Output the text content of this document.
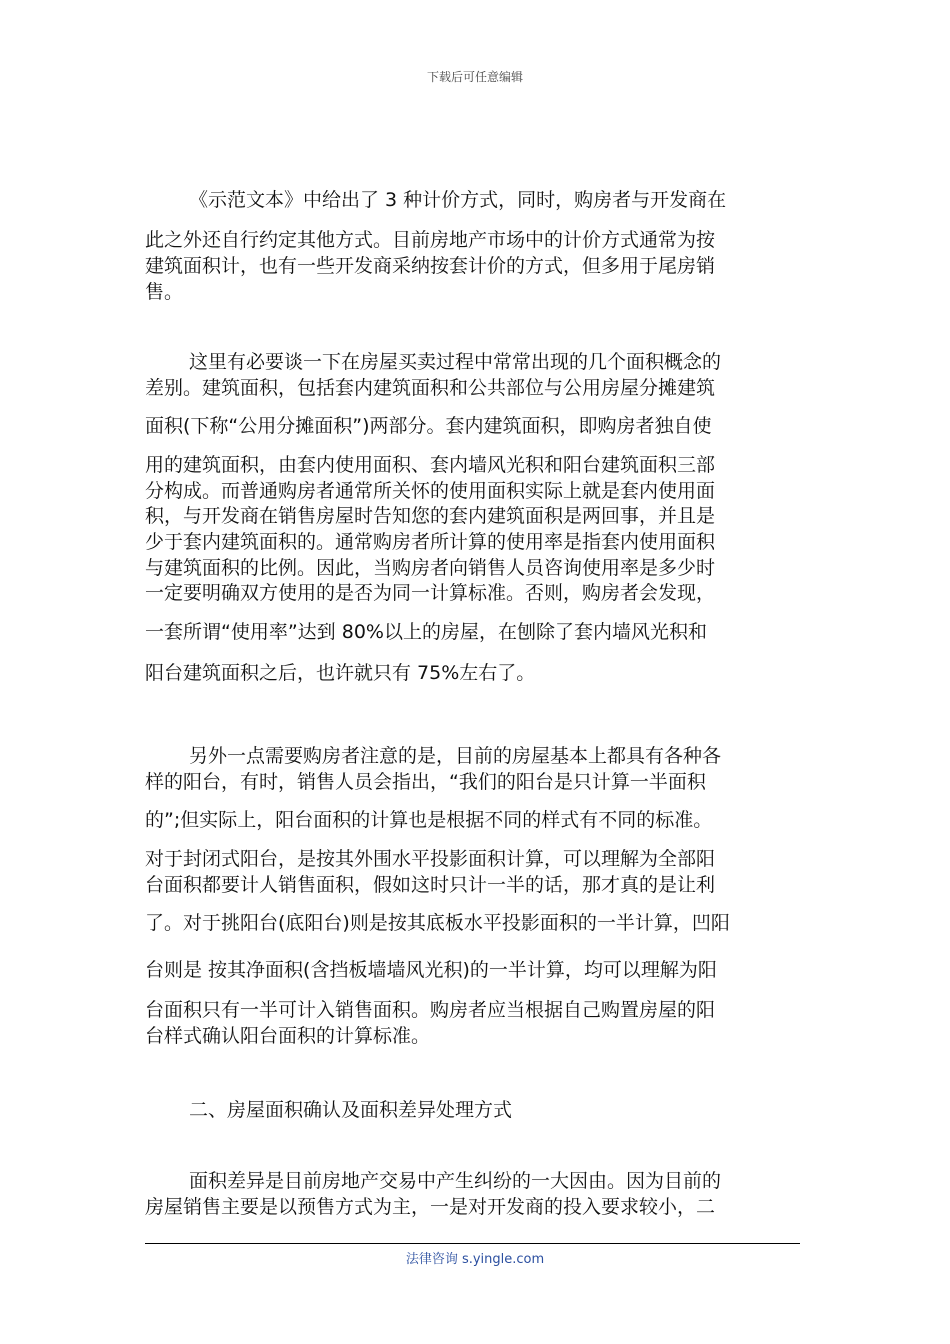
下载后可任意编辑
《示范文本》中给出了 3 种计价方式，同时，购房者与开发商在
此之外还自行约定其他方式。目前房地产市场中的计价方式通常为按
建筑面积计，也有一些开发商采纳按套计价的方式，但多用于尾房销
售。
这里有必要谈一下在房屋买卖过程中常常出现的几个面积概念的
差别。建筑面积，包括套内建筑面积和公共部位与公用房屋分摊建筑
面积(下称“公用分摊面积”)两部分。套内建筑面积，即购房者独自使
用的建筑面积，由套内使用面积、套内墙风光积和阳台建筑面积三部
分构成。而普通购房者通常所关怀的使用面积实际上就是套内使用面
积，与开发商在销售房屋时告知您的套内建筑面积是两回事，并且是
少于套内建筑面积的。通常购房者所计算的使用率是指套内使用面积
与建筑面积的比例。因此，当购房者向销售人员咨询使用率是多少时
一定要明确双方使用的是否为同一计算标准。否则，购房者会发现，
一套所谓“使用率”达到 80%以上的房屋，在刨除了套内墙风光积和
阳台建筑面积之后，也许就只有 75%左右了。
另外一点需要购房者注意的是，目前的房屋基本上都具有各种各
样的阳台，有时，销售人员会指出，“我们的阳台是只计算一半面积
的”;但实际上，阳台面积的计算也是根据不同的样式有不同的标准。
对于封闭式阳台，是按其外围水平投影面积计算，可以理解为全部阳
台面积都要计人销售面积，假如这时只计一半的话，那才真的是让利
了。对于挑阳台(底阳台)则是按其底板水平投影面积的一半计算，凹阳
台则是 按其净面积(含挡板墙墙风光积)的一半计算，均可以理解为阳
台面积只有一半可计入销售面积。购房者应当根据自己购置房屋的阳
台样式确认阳台面积的计算标准。
二、房屋面积确认及面积差异处理方式
面积差异是目前房地产交易中产生纠纷的一大因由。因为目前的
房屋销售主要是以预售方式为主，一是对开发商的投入要求较小，二
法律咨询 s.yingle.com
